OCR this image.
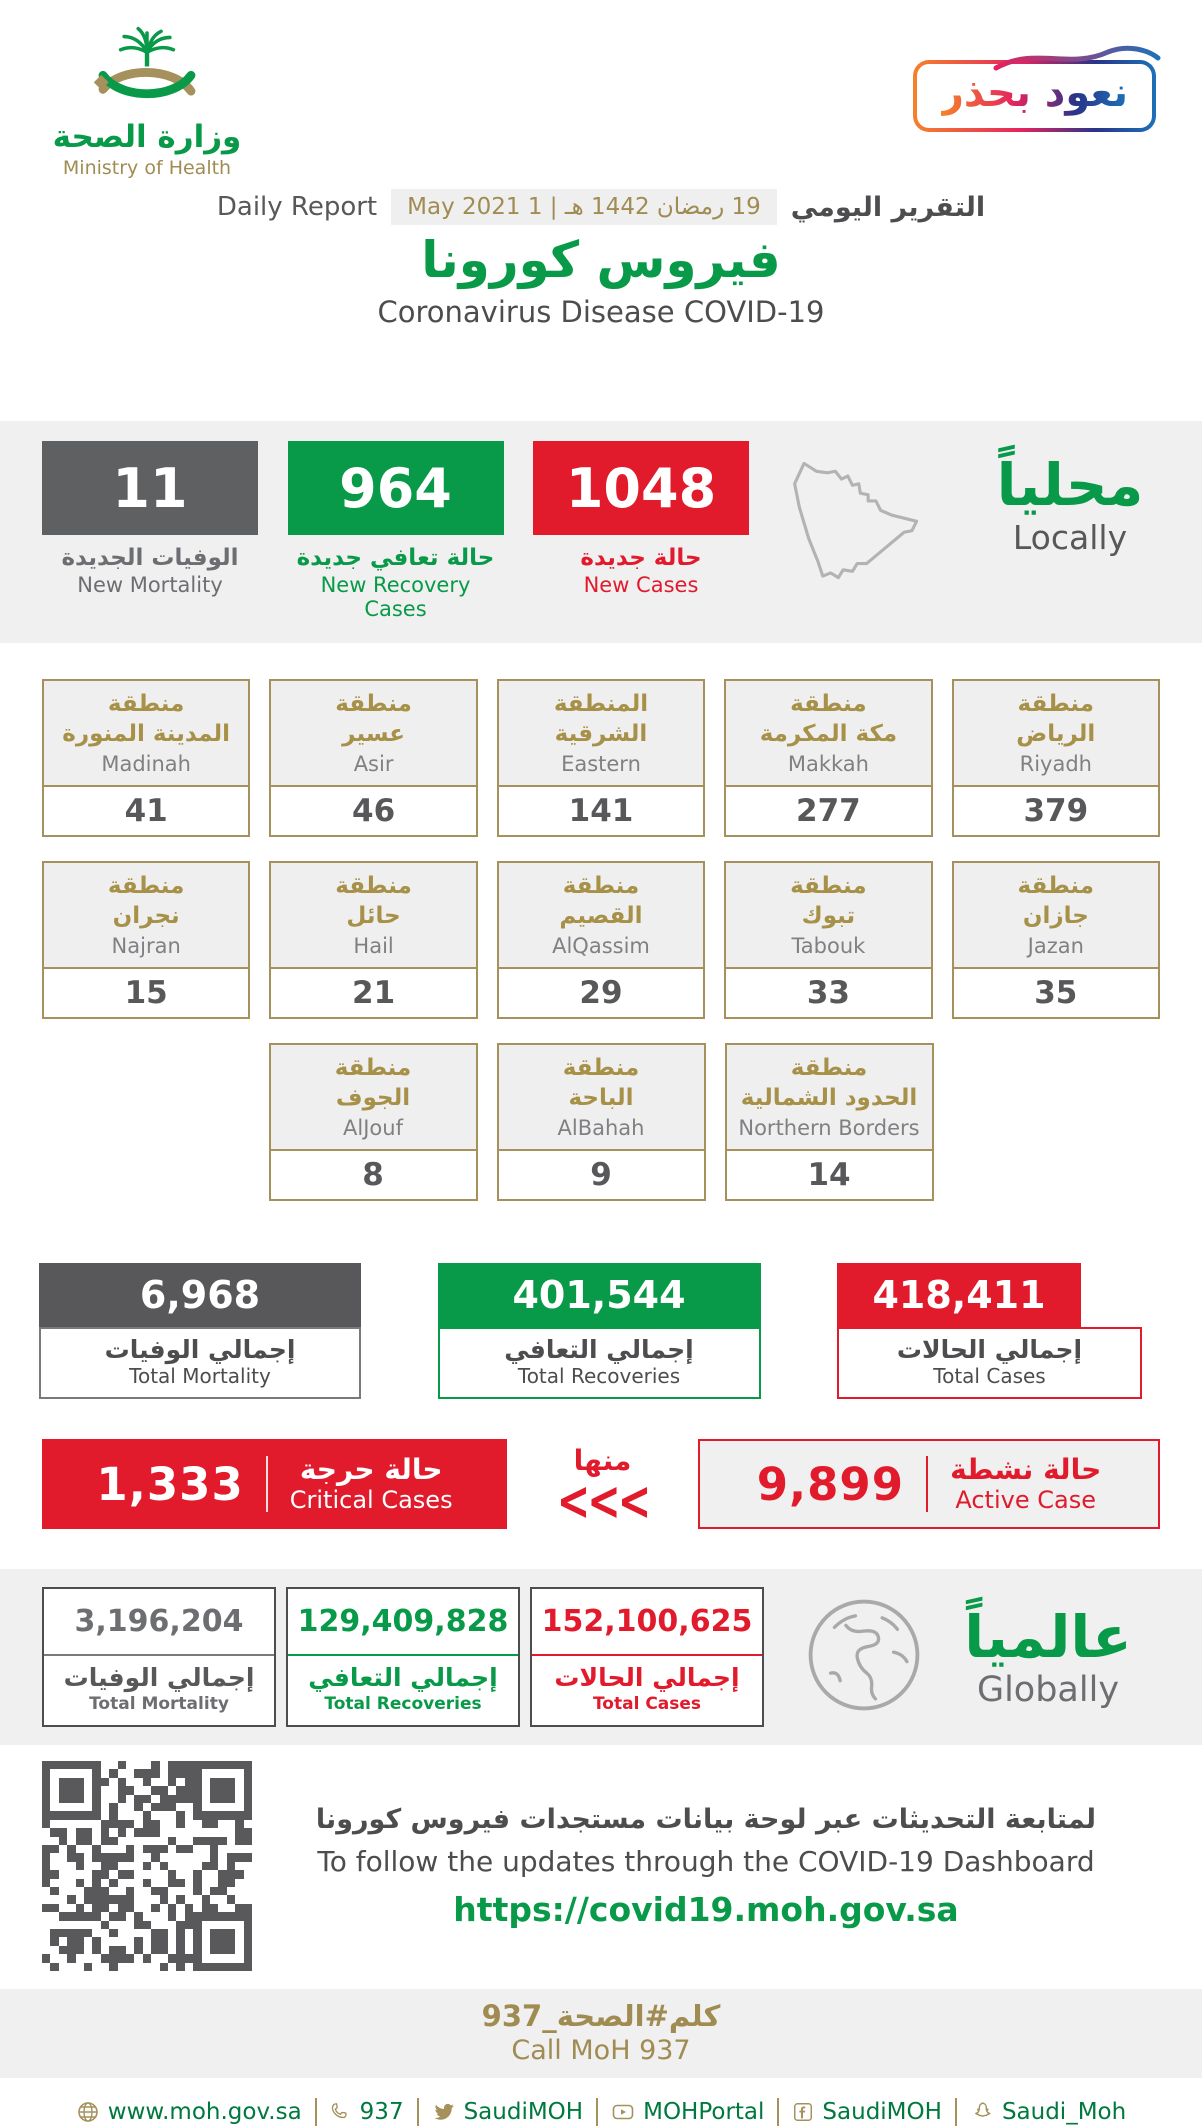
وزارة الصحة
Ministry of Health
نعود بحذر
التقرير اليومي
19 رمضان 1442 هـ | 1 May 2021
Daily Report
فيروس كورونا
Coronavirus Disease COVID-19
محلياً
Locally
1048
حالة جديدة
New Cases
964
حالة تعافي جديدة
New Recovery Cases
11
الوفيات الجديدة
New Mortality
منطقة
الرياض
Riyadh
379
منطقة
مكة المكرمة
Makkah
277
المنطقة
الشرقية
Eastern
141
منطقة
عسير
Asir
46
منطقة
المدينة المنورة
Madinah
41
منطقة
جازان
Jazan
35
منطقة
تبوك
Tabouk
33
منطقة
القصيم
AlQassim
29
منطقة
حائل
Hail
21
منطقة
نجران
Najran
15
منطقة
الحدود الشمالية
Northern Borders
14
منطقة
الباحة
AlBahah
9
منطقة
الجوف
AlJouf
8
6,968
إجمالي الوفيات
Total Mortality
401,544
إجمالي التعافي
Total Recoveries
418,411
إجمالي الحالات
Total Cases
حالة حرجة
Critical Cases
1,333	منها
<<<
حالة نشطة
Active Case
9,899
3,196,204
إجمالي الوفيات
Total Mortality
129,409,828
إجمالي التعافي
Total Recoveries
152,100,625
إجمالي الحالات
Total Cases
عالمياً
Globally
لمتابعة التحديثات عبر لوحة بيانات مستجدات فيروس كورونا
To follow the updates through the COVID-19 Dashboard
https://covid19.moh.gov.sa
كلم#الصحة_937
Call MoH 937
www.moh.gov.sa	937	SaudiMOH	MOHPortal	SaudiMOH	Saudi_Moh
